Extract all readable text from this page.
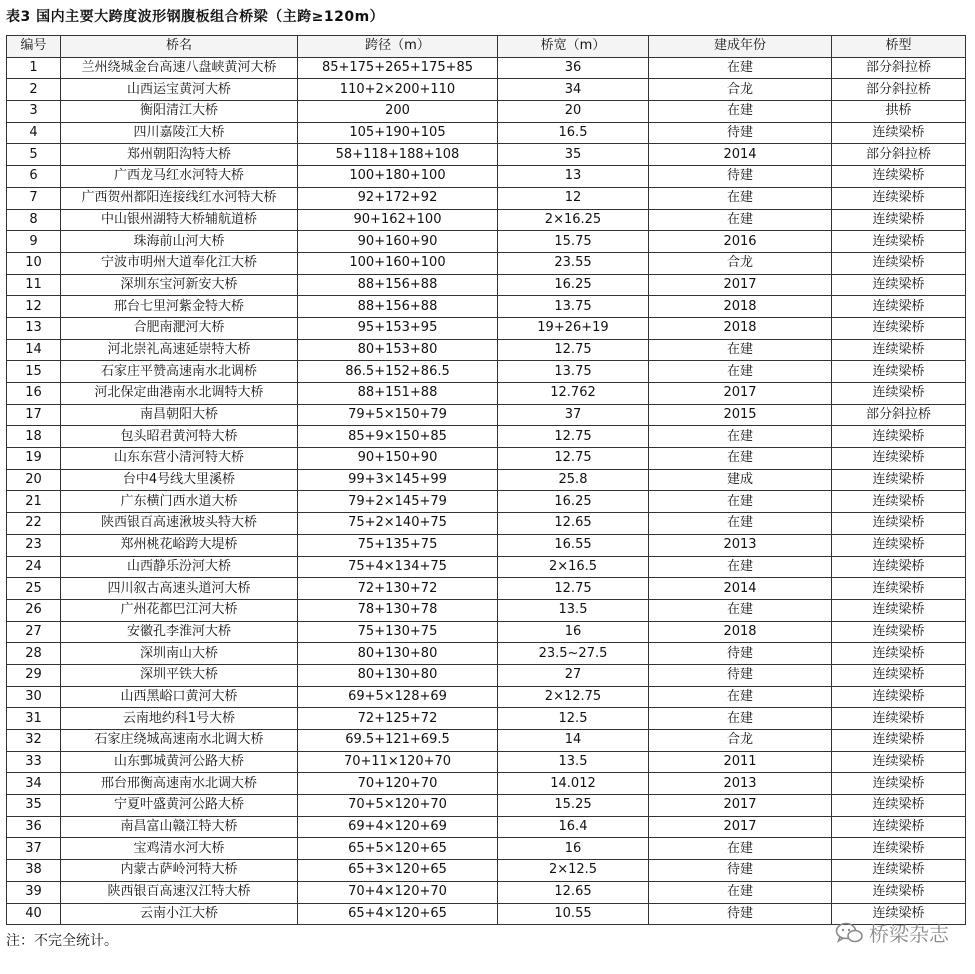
表3 国内主要大跨度波形钢腹板组合桥梁（主跨≥120m）
编号	桥名	跨径（m）	桥宽（m）	建成年份	桥型
1	兰州绕城金台高速八盘峡黄河大桥	85+175+265+175+85	36	在建	部分斜拉桥
2	山西运宝黄河大桥	110+2×200+110	34	合龙	部分斜拉桥
3	衡阳清江大桥	200	20	在建	拱桥
4	四川嘉陵江大桥	105+190+105	16.5	待建	连续梁桥
5	郑州朝阳沟特大桥	58+118+188+108	35	2014	部分斜拉桥
6	广西龙马红水河特大桥	100+180+100	13	待建	连续梁桥
7	广西贺州都阳连接线红水河特大桥	92+172+92	12	在建	连续梁桥
8	中山银州湖特大桥辅航道桥	90+162+100	2×16.25	在建	连续梁桥
9	珠海前山河大桥	90+160+90	15.75	2016	连续梁桥
10	宁波市明州大道奉化江大桥	100+160+100	23.55	合龙	连续梁桥
11	深圳东宝河新安大桥	88+156+88	16.25	2017	连续梁桥
12	邢台七里河紫金特大桥	88+156+88	13.75	2018	连续梁桥
13	合肥南淝河大桥	95+153+95	19+26+19	2018	连续梁桥
14	河北崇礼高速延崇特大桥	80+153+80	12.75	在建	连续梁桥
15	石家庄平赞高速南水北调桥	86.5+152+86.5	13.75	在建	连续梁桥
16	河北保定曲港南水北调特大桥	88+151+88	12.762	2017	连续梁桥
17	南昌朝阳大桥	79+5×150+79	37	2015	部分斜拉桥
18	包头昭君黄河特大桥	85+9×150+85	12.75	在建	连续梁桥
19	山东东营小清河特大桥	90+150+90	12.75	在建	连续梁桥
20	台中4号线大里溪桥	99+3×145+99	25.8	建成	连续梁桥
21	广东横门西水道大桥	79+2×145+79	16.25	在建	连续梁桥
22	陕西银百高速湫坡头特大桥	75+2×140+75	12.65	在建	连续梁桥
23	郑州桃花峪跨大堤桥	75+135+75	16.55	2013	连续梁桥
24	山西静乐汾河大桥	75+4×134+75	2×16.5	在建	连续梁桥
25	四川叙古高速头道河大桥	72+130+72	12.75	2014	连续梁桥
26	广州花都巴江河大桥	78+130+78	13.5	在建	连续梁桥
27	安徽孔李淮河大桥	75+130+75	16	2018	连续梁桥
28	深圳南山大桥	80+130+80	23.5~27.5	待建	连续梁桥
29	深圳平铁大桥	80+130+80	27	待建	连续梁桥
30	山西黑峪口黄河大桥	69+5×128+69	2×12.75	在建	连续梁桥
31	云南地约科1号大桥	72+125+72	12.5	在建	连续梁桥
32	石家庄绕城高速南水北调大桥	69.5+121+69.5	14	合龙	连续梁桥
33	山东鄄城黄河公路大桥	70+11×120+70	13.5	2011	连续梁桥
34	邢台邢衡高速南水北调大桥	70+120+70	14.012	2013	连续梁桥
35	宁夏叶盛黄河公路大桥	70+5×120+70	15.25	2017	连续梁桥
36	南昌富山赣江特大桥	69+4×120+69	16.4	2017	连续梁桥
37	宝鸡清水河大桥	65+5×120+65	16	在建	连续梁桥
38	内蒙古萨岭河特大桥	65+3×120+65	2×12.5	待建	连续梁桥
39	陕西银百高速汉江特大桥	70+4×120+70	12.65	在建	连续梁桥
40	云南小江大桥	65+4×120+65	10.55	待建	连续梁桥
注：不完全统计。	桥梁杂志
